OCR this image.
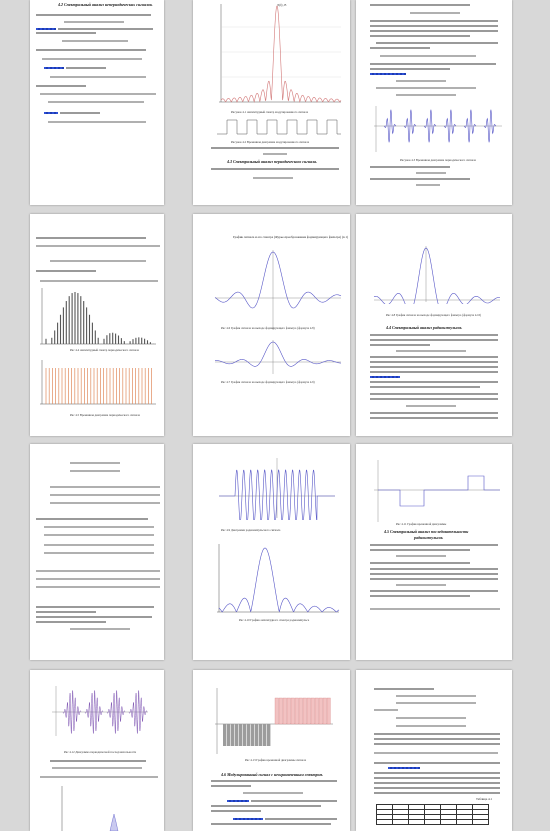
4.2 Спектральный анализ непериодических сигналов.
Рис 4.4 Амплитудный спектр периодического сигнала
Рис 4.5 Временная диаграмма периодического сигнала
Рис 4.12 Диаграмма периодической последовательности
|S(f)|, В
Рисунок 4.1 Амплитудный спектр модулированного сигнала
Рисунок 4.2 Временная диаграмма модулированного сигнала
4.3 Спектральный анализ периодического сигнала.
График сигнала и его спектра (Фурье-преобразование формирующего фильтра) (4.1)
Рис 4.6 График сигнала на выходе формирующего фильтра (формула 4.8)
Рис 4.7 График сигнала на выходе формирующего фильтра (формула 4.9)
Рис 4.9 Диаграмма радиоимпульсного сигнала
Рис 4.10 График амплитудного спектра радиоимпульса
Рис 4.13 График временной диаграммы сигнала
4.6 Модулированный сигнал с неограниченным спектром.
Рисунок 4.3 Временная диаграмма периодического сигнала
Рис 4.8 График сигнала на выходе формирующего фильтра (формула 4.10)
4.4 Спектральный анализ радиоимпульсов.
Рис 4.11 График временной диаграммы
4.5 Спектральный анализ последовательности
радиоимпульсов.
Таблица 4.1
